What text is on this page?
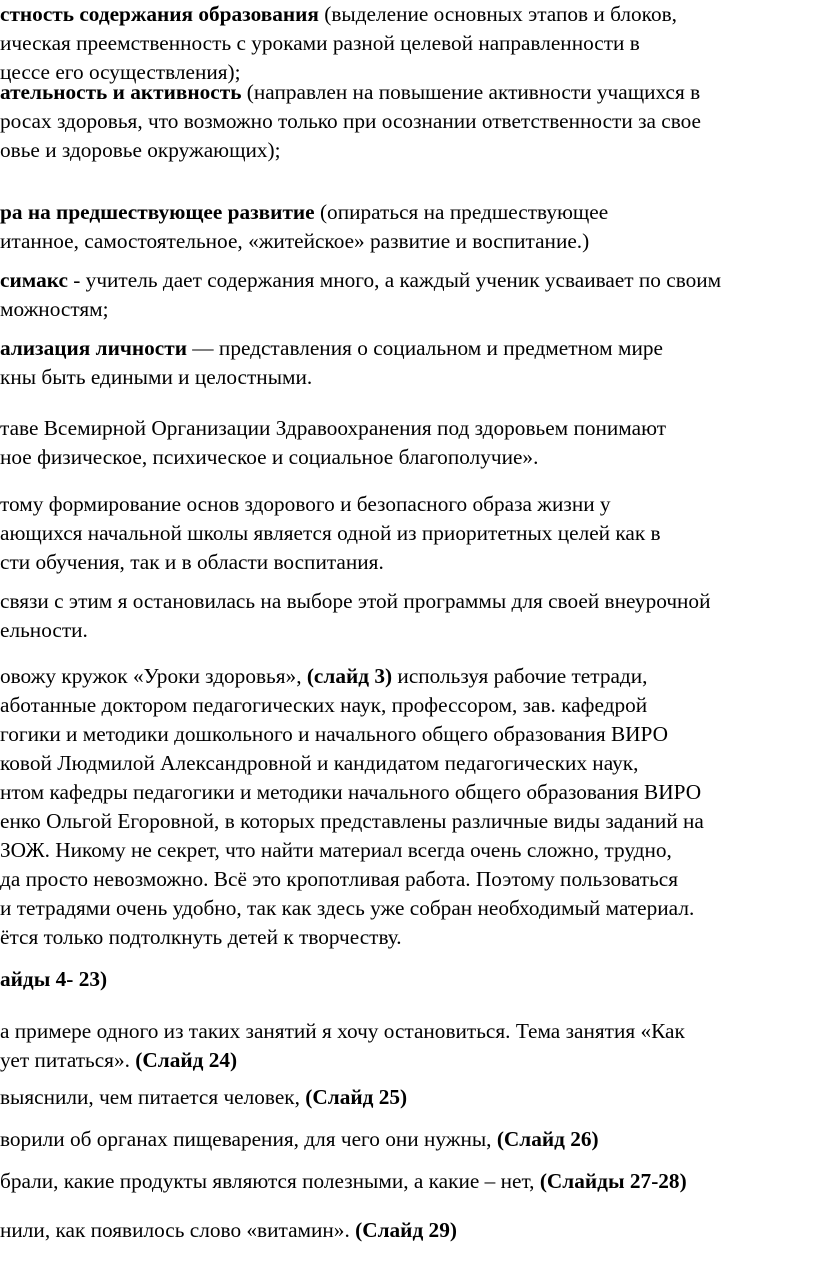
стность содержания образования (выделение основных этапов и блоков,
ическая преемственность с уроками разной целевой направленности в
цессе его осуществления);
ательность и активность (направлен на повышение активности учащихся в
росах здоровья, что возможно только при осознании ответственности за свое
овье и здоровье окружающих);
ра на предшествующее развитие (опираться на предшествующее
итанное, самостоятельное, «житейское» развитие и воспитание.)
симакс - учитель дает содержания много, а каждый ученик усваивает по своим
можностям;
ализация личности — представления о социальном и предметном мире
кны быть едиными и целостными.
таве Всемирной Организации Здравоохранения под здоровьем понимают
ное физическое, психическое и социальное благополучие».
тому формирование основ здорового и безопасного образа жизни у
ающихся начальной школы является одной из приоритетных целей как в
сти обучения, так и в области воспитания.
связи с этим я остановилась на выборе этой программы для своей внеурочной
ельности.
овожу кружок «Уроки здоровья», (слайд 3) используя рабочие тетради,
аботанные доктором педагогических наук, профессором, зав. кафедрой
гогики и методики дошкольного и начального общего образования ВИРО
ковой Людмилой Александровной и кандидатом педагогических наук,
нтом кафедры педагогики и методики начального общего образования ВИРО
енко Ольгой Егоровной, в которых представлены различные виды заданий на
ЗОЖ. Никому не секрет, что найти материал всегда очень сложно, трудно,
да просто невозможно. Всё это кропотливая работа. Поэтому пользоваться
и тетрадями очень удобно, так как здесь уже собран необходимый материал.
ётся только подтолкнуть детей к творчеству.
айды 4- 23)
а примере одного из таких занятий я хочу остановиться. Тема занятия «Как
ует питаться». (Слайд 24)
выяснили, чем питается человек, (Слайд 25)
ворили об органах пищеварения, для чего они нужны, (Слайд 26)
брали, какие продукты являются полезными, а какие – нет, (Слайды 27-28)
нили, как появилось слово «витамин». (Слайд 29)
